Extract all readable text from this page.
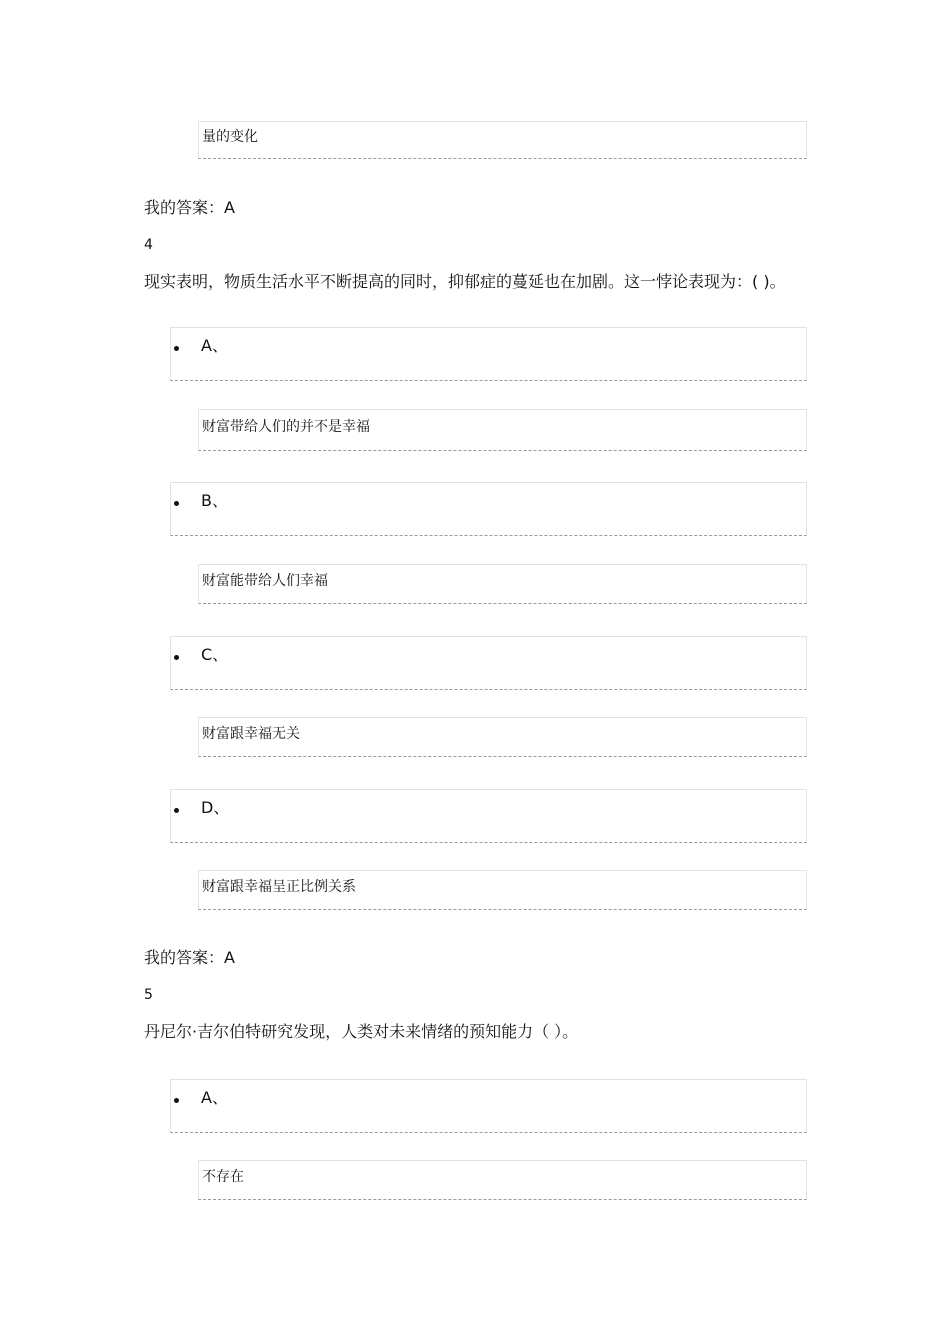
量的变化
我的答案：A
4
现实表明，物质生活水平不断提高的同时，抑郁症的蔓延也在加剧。这一悖论表现为：( )。
A、
财富带给人们的并不是幸福
B、
财富能带给人们幸福
C、
财富跟幸福无关
D、
财富跟幸福呈正比例关系
我的答案：A
5
丹尼尔·吉尔伯特研究发现，人类对未来情绪的预知能力（ ）。
A、
不存在
